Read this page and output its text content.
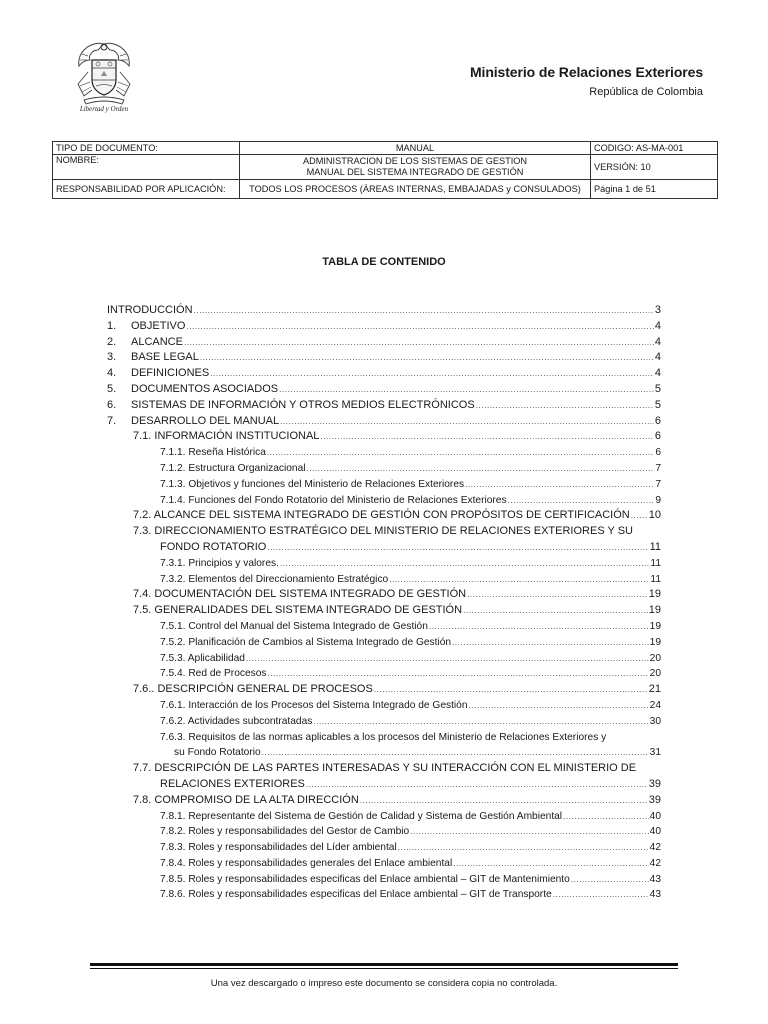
Libertad y Orden
Ministerio de Relaciones Exteriores
República de Colombia
TIPO DE DOCUMENTO:	MANUAL	CODIGO: AS-MA-001
NOMBRE:	ADMINISTRACION DE LOS SISTEMAS DE GESTION
MANUAL DEL SISTEMA INTEGRADO DE GESTIÓN	VERSIÓN: 10
RESPONSABILIDAD POR APLICACIÓN:	TODOS LOS PROCESOS (ÁREAS INTERNAS, EMBAJADAS y CONSULADOS)	Página 1 de 51
TABLA DE CONTENIDO
INTRODUCCIÓN .....	3
1. OBJETIVO .....	4
2. ALCANCE .....	4
3. BASE LEGAL .....	4
4. DEFINICIONES .....	4
5. DOCUMENTOS ASOCIADOS .....	5
6. SISTEMAS DE INFORMACIÓN Y OTROS MEDIOS ELECTRÓNICOS .....	5
7. DESARROLLO DEL MANUAL .....	6
7.1. INFORMACIÓN INSTITUCIONAL .....	6
7.1.1. Reseña Histórica .....	6
7.1.2. Estructura Organizacional .....	7
7.1.3. Objetivos y funciones del Ministerio de Relaciones Exteriores .....	7
7.1.4. Funciones del Fondo Rotatorio del Ministerio de Relaciones Exteriores .....	9
7.2. ALCANCE DEL SISTEMA INTEGRADO DE GESTIÓN CON PROPÓSITOS DE CERTIFICACIÓN ..... 10
7.3. DIRECCIONAMIENTO ESTRATÉGICO DEL MINISTERIO DE RELACIONES EXTERIORES Y SU
FONDO ROTATORIO .....	11
7.3.1. Principios y valores. .....	11
7.3.2. Elementos del Direccionamiento Estratégico .....	11
7.4. DOCUMENTACIÓN DEL SISTEMA INTEGRADO DE GESTIÓN .....	19
7.5. GENERALIDADES DEL SISTEMA INTEGRADO DE GESTIÓN .....	19
7.5.1. Control del Manual del Sistema Integrado de Gestión .....	19
7.5.2. Planificación de Cambios al Sistema Integrado de Gestión .....	19
7.5.3. Aplicabilidad .....	20
7.5.4. Red de Procesos .....	20
7.6.. DESCRIPCIÓN GENERAL DE PROCESOS .....	21
7.6.1. Interacción de los Procesos del Sistema Integrado de Gestión .....	24
7.6.2. Actividades subcontratadas .....	30
7.6.3. Requisitos de las normas aplicables a los procesos del Ministerio de Relaciones Exteriores y
su Fondo Rotatorio .....	31
7.7. DESCRIPCIÓN DE LAS PARTES INTERESADAS Y SU INTERACCIÓN CON EL MINISTERIO DE
RELACIONES EXTERIORES .....	39
7.8. COMPROMISO DE LA ALTA DIRECCIÓN .....	39
7.8.1. Representante del Sistema de Gestión de Calidad y Sistema de Gestión Ambiental .....	40
7.8.2. Roles y responsabilidades del Gestor de Cambio .....	40
7.8.3. Roles y responsabilidades del Líder ambiental .....	42
7.8.4. Roles y responsabilidades generales del Enlace ambiental .....	42
7.8.5. Roles y responsabilidades especificas del Enlace ambiental – GIT de Mantenimiento .....	43
7.8.6. Roles y responsabilidades especificas del Enlace ambiental – GIT de Transporte .....	43
Una vez descargado o impreso este documento se considera copia no controlada.
